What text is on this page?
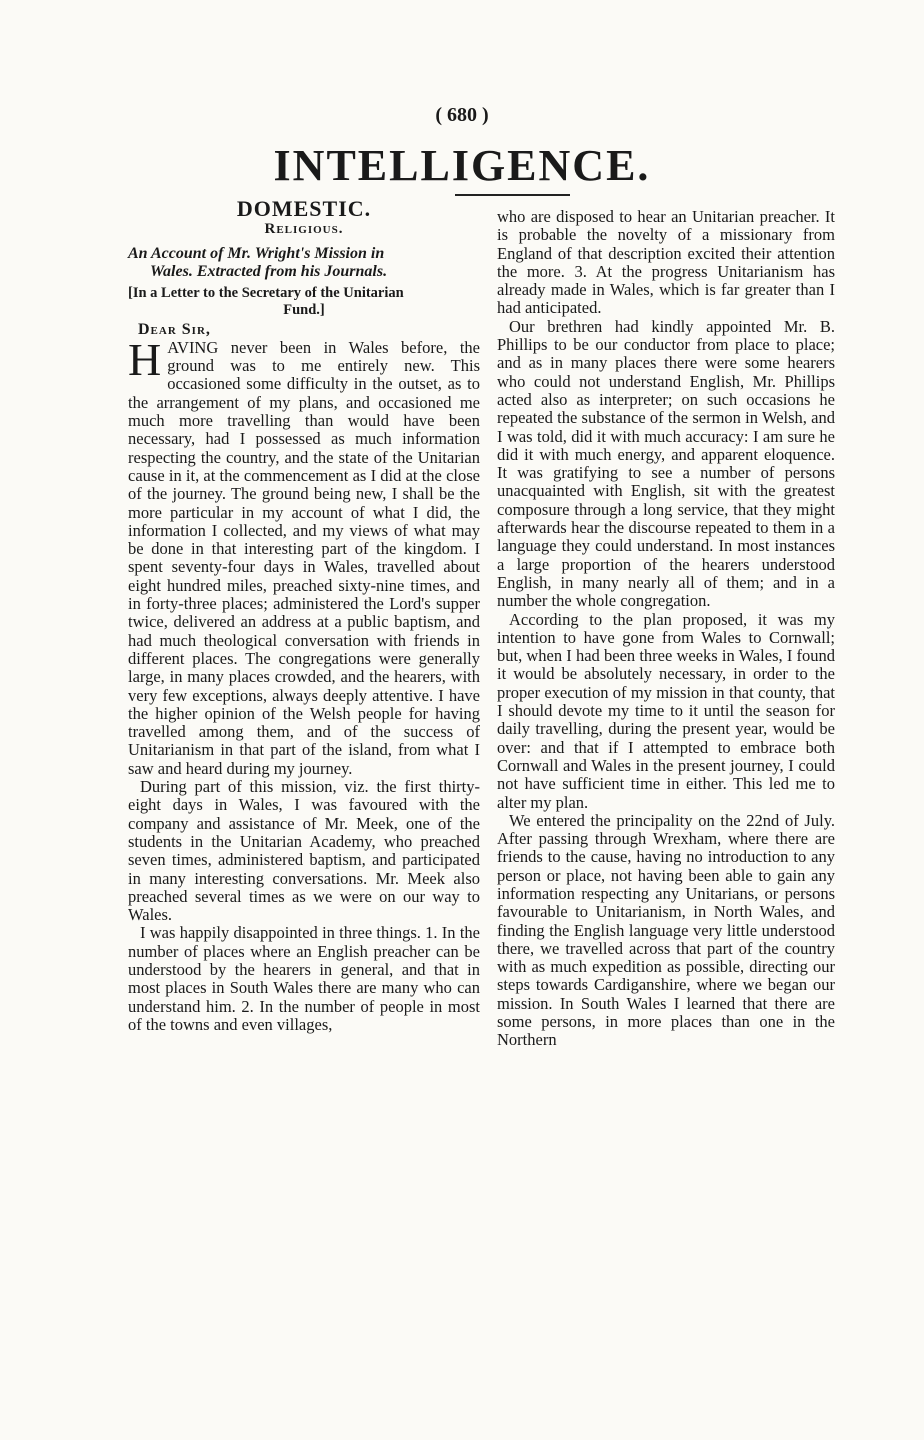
( 680 )
INTELLIGENCE.
DOMESTIC.
Religious.
An Account of Mr. Wright's Mission in
Wales. Extracted from his Journals.
[In a Letter to the Secretary of the Unitarian
Fund.]
Dear Sir,

HAVING never been in Wales before, the ground was to me entirely new. This occasioned some difficulty in the outset, as to the arrangement of my plans, and occasioned me much more travelling than would have been necessary, had I possessed as much information respecting the country, and the state of the Unitarian cause in it, at the commencement as I did at the close of the journey. The ground being new, I shall be the more particular in my account of what I did, the information I collected, and my views of what may be done in that interesting part of the kingdom. I spent seventy-four days in Wales, travelled about eight hundred miles, preached sixty-nine times, and in forty-three places; administered the Lord's supper twice, delivered an address at a public baptism, and had much theological conversation with friends in different places. The congregations were generally large, in many places crowded, and the hearers, with very few exceptions, always deeply attentive. I have the higher opinion of the Welsh people for having travelled among them, and of the success of Unitarianism in that part of the island, from what I saw and heard during my journey.

During part of this mission, viz. the first thirty-eight days in Wales, I was favoured with the company and assistance of Mr. Meek, one of the students in the Unitarian Academy, who preached seven times, administered baptism, and participated in many interesting conversations. Mr. Meek also preached several times as we were on our way to Wales.

I was happily disappointed in three things. 1. In the number of places where an English preacher can be understood by the hearers in general, and that in most places in South Wales there are many who can understand him. 2. In the number of people in most of the towns and even villages,

who are disposed to hear an Unitarian preacher. It is probable the novelty of a missionary from England of that description excited their attention the more. 3. At the progress Unitarianism has already made in Wales, which is far greater than I had anticipated.

Our brethren had kindly appointed Mr. B. Phillips to be our conductor from place to place; and as in many places there were some hearers who could not understand English, Mr. Phillips acted also as interpreter; on such occasions he repeated the substance of the sermon in Welsh, and I was told, did it with much accuracy: I am sure he did it with much energy, and apparent eloquence. It was gratifying to see a number of persons unacquainted with English, sit with the greatest composure through a long service, that they might afterwards hear the discourse repeated to them in a language they could understand. In most instances a large proportion of the hearers understood English, in many nearly all of them; and in a number the whole congregation.

According to the plan proposed, it was my intention to have gone from Wales to Cornwall; but, when I had been three weeks in Wales, I found it would be absolutely necessary, in order to the proper execution of my mission in that county, that I should devote my time to it until the season for daily travelling, during the present year, would be over: and that if I attempted to embrace both Cornwall and Wales in the present journey, I could not have sufficient time in either. This led me to alter my plan.

We entered the principality on the 22nd of July. After passing through Wrexham, where there are friends to the cause, having no introduction to any person or place, not having been able to gain any information respecting any Unitarians, or persons favourable to Unitarianism, in North Wales, and finding the English language very little understood there, we travelled across that part of the country with as much expedition as possible, directing our steps towards Cardiganshire, where we began our mission. In South Wales I learned that there are some persons, in more places than one in the Northern
